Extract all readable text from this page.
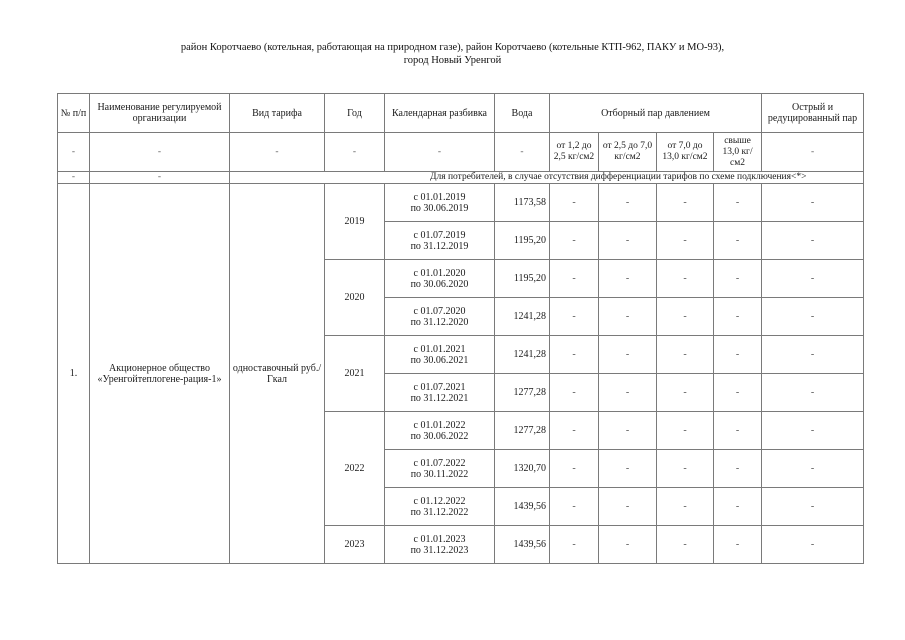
район Коротчаево (котельная, работающая на природном газе), район Коротчаево (котельные КТП-962, ПАКУ и МО-93),
город Новый Уренгой
№ п/п	Наименование регулируемой организации	Вид тарифа	Год	Календарная разбивка	Вода	Отборный пар давлением				Острый и редуцированный пар
-	-	-	-	-	-	от 1,2 до 2,5 кг/см2	от 2,5 до 7,0 кг/см2	от 7,0 до 13,0 кг/см2	свыше 13,0 кг/см2	-
-	-	Для потребителей, в случае отсутствия дифференциации тарифов по схеме подключения<*>								
1.	Акционерное общество «Уренгойтеплогене-рация-1»	одноставочный руб./Гкал	2019	с 01.01.2019
по 30.06.2019	1173,58	-	-	-	-	-

				с 01.07.2019
по 31.12.2019	1195,20	-	-	-	-	-
			2020	с 01.01.2020
по 30.06.2020	1195,20	-	-	-	-	-

				с 01.07.2020
по 31.12.2020	1241,28	-	-	-	-	-
			2021	с 01.01.2021
по 30.06.2021	1241,28	-	-	-	-	-

				с 01.07.2021
по 31.12.2021	1277,28	-	-	-	-	-
			2022	с 01.01.2022
по 30.06.2022	1277,28	-	-	-	-	-

				с 01.07.2022
по 30.11.2022	1320,70	-	-	-	-	-

				с 01.12.2022
по 31.12.2022	1439,56	-	-	-	-	-
			2023	с 01.01.2023
по 31.12.2023	1439,56	-	-	-	-	-
